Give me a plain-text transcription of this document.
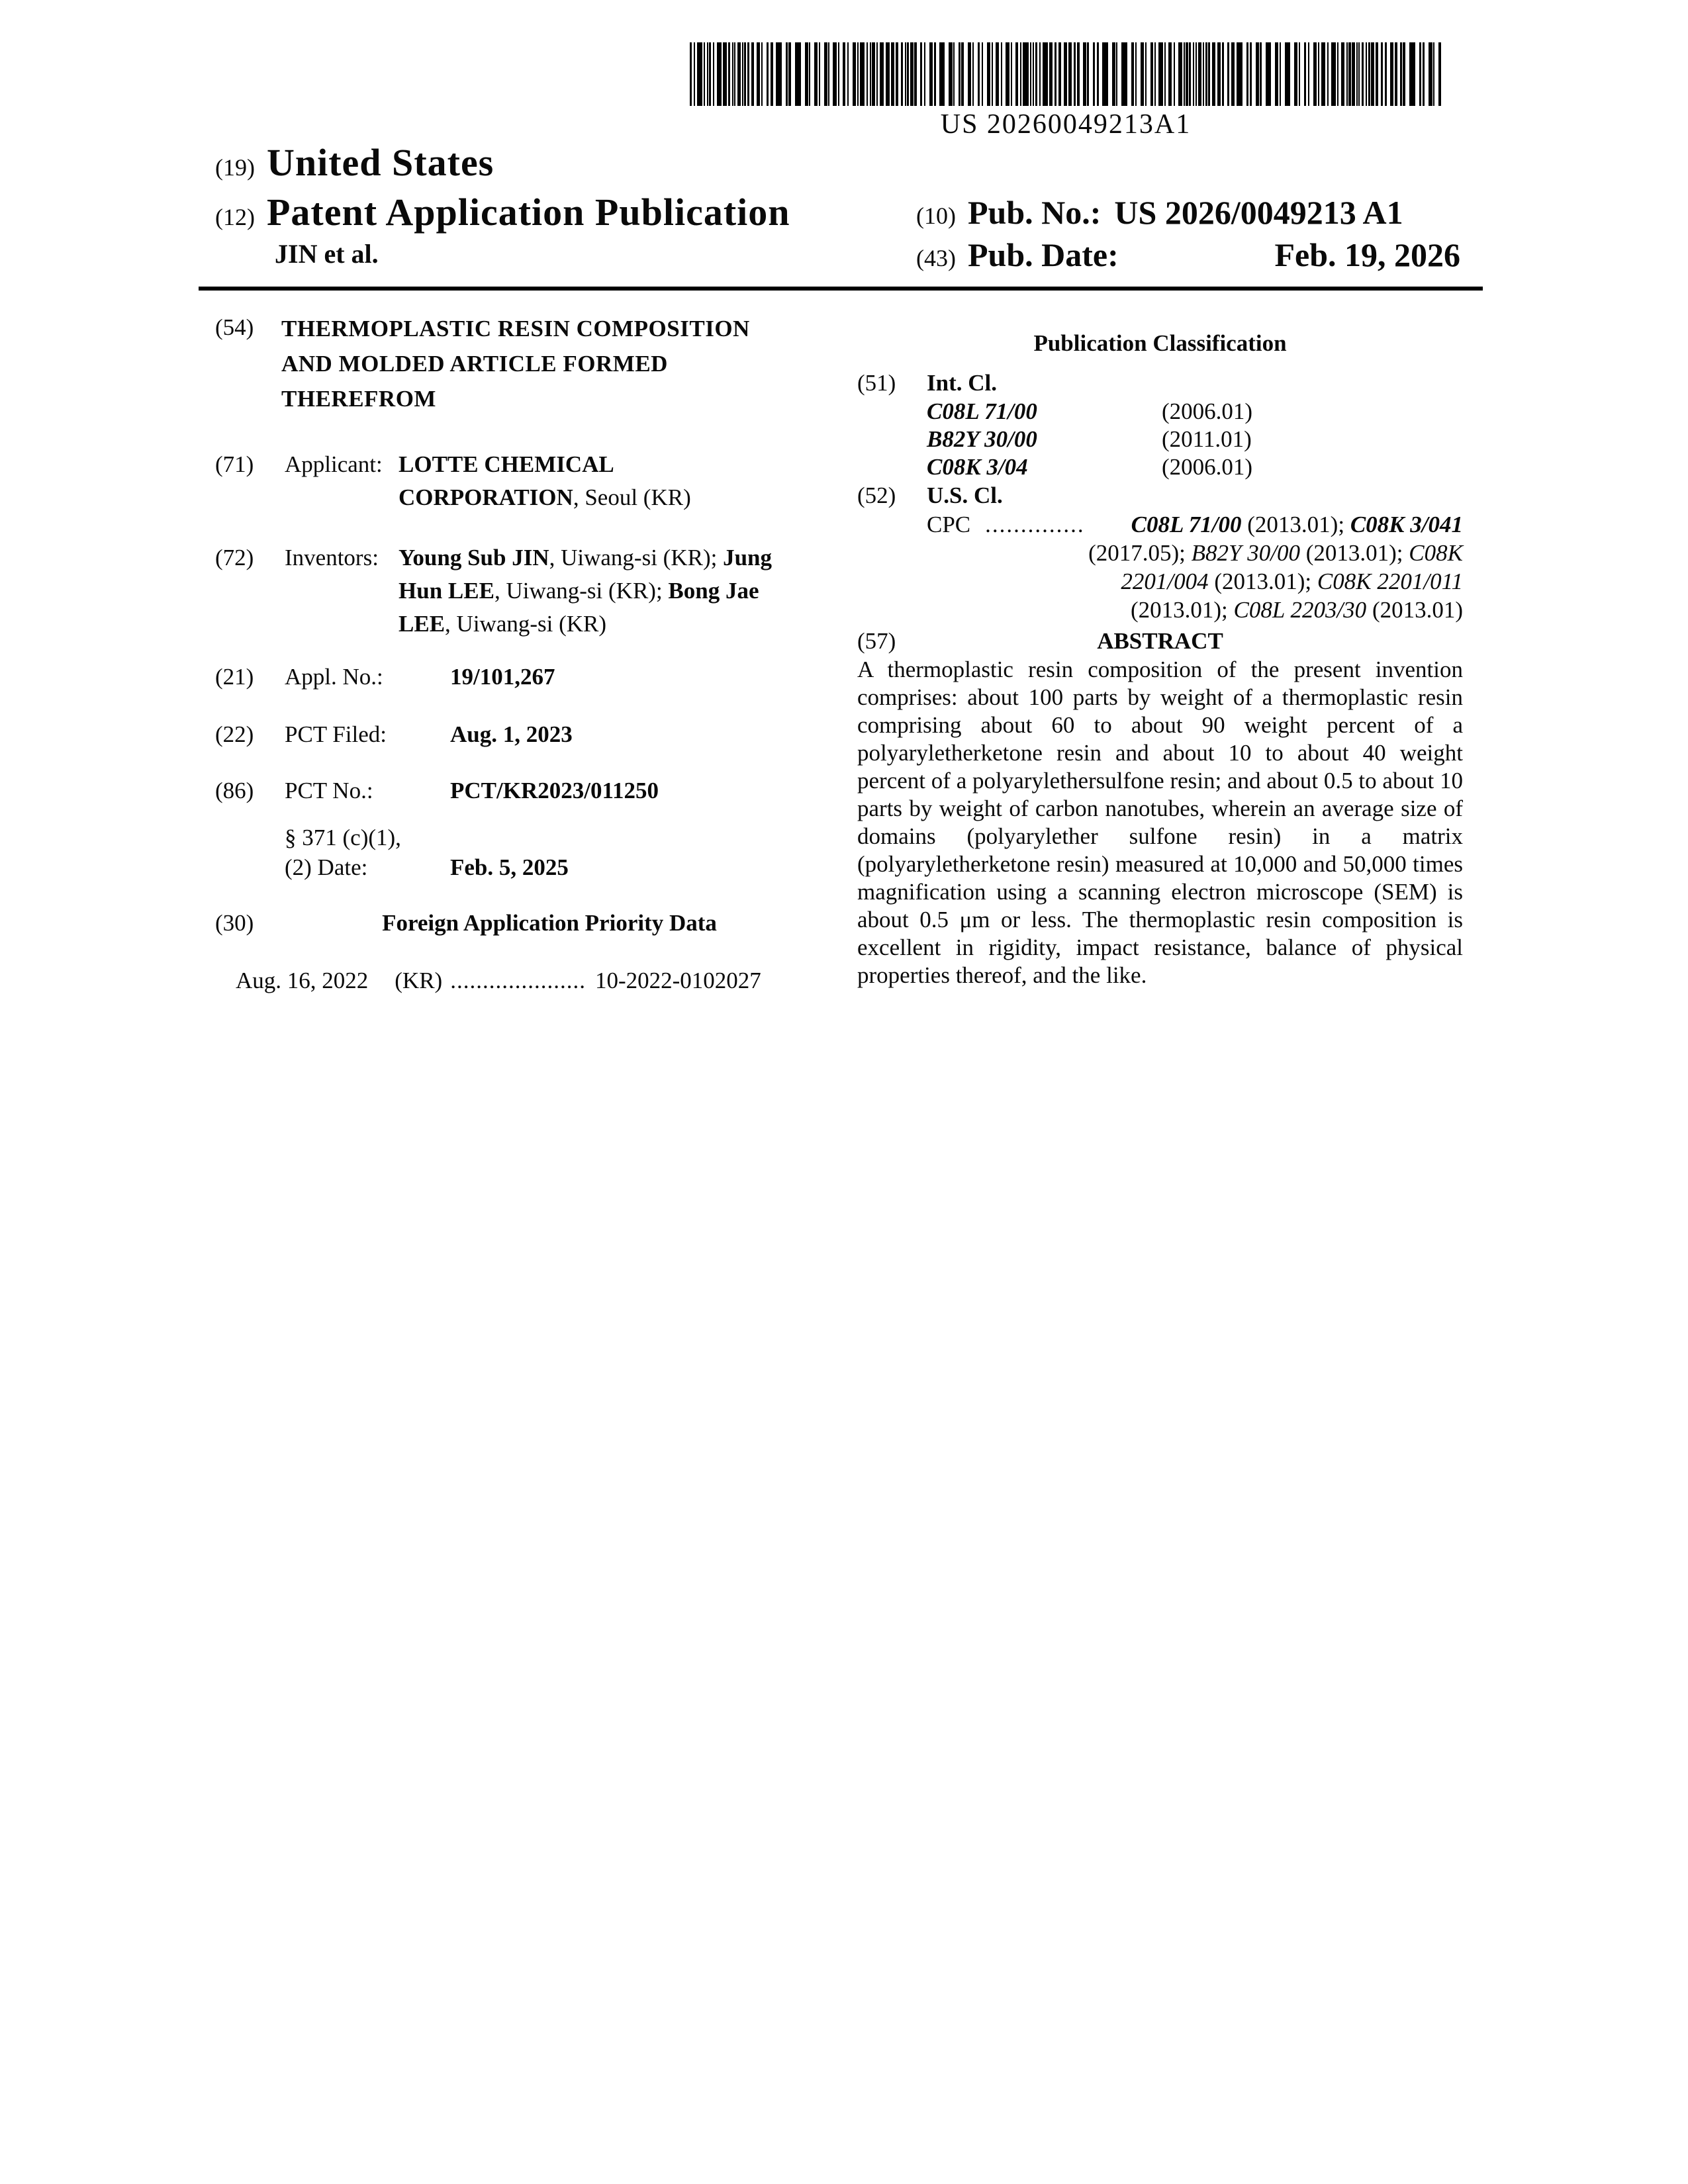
US 20260049213A1
(19) United States
(12) Patent Application Publication
JIN et al.
(10) Pub. No.: US 2026/0049213 A1
(43) Pub. Date:	Feb. 19, 2026
(54)	THERMOPLASTIC RESIN COMPOSITION
AND MOLDED ARTICLE FORMED
THEREFROM
(71)	Applicant: LOTTE CHEMICAL
CORPORATION, Seoul (KR)
(72)	Inventors: Young Sub JIN, Uiwang-si (KR); Jung
Hun LEE, Uiwang-si (KR); Bong Jae
LEE, Uiwang-si (KR)
(21)	Appl. No.:	19/101,267
(22)	PCT Filed:	Aug. 1, 2023
(86)	PCT No.:	PCT/KR2023/011250
§ 371 (c)(1),
(2) Date:	Feb. 5, 2025
(30)	Foreign Application Priority Data
Aug. 16, 2022 (KR) ..................... 10-2022-0102027
Publication Classification
(51)	Int. Cl.
C08L 71/00	(2006.01)
B82Y 30/00	(2011.01)
C08K 3/04	(2006.01)
(52)	U.S. Cl.
CPC .............. C08L 71/00 (2013.01); C08K 3/041
(2017.05); B82Y 30/00 (2013.01); C08K
2201/004 (2013.01); C08K 2201/011
(2013.01); C08L 2203/30 (2013.01)
(57)	ABSTRACT
A thermoplastic resin composition of the present invention comprises: about 100 parts by weight of a thermoplastic resin comprising about 60 to about 90 weight percent of a polyaryletherketone resin and about 10 to about 40 weight percent of a polyarylethersulfone resin; and about 0.5 to about 10 parts by weight of carbon nanotubes, wherein an average size of domains (polyarylether sulfone resin) in a matrix (polyaryletherketone resin) measured at 10,000 and 50,000 times magnification using a scanning electron microscope (SEM) is about 0.5 μm or less. The thermoplastic resin composition is excellent in rigidity, impact resistance, balance of physical properties thereof, and the like.
